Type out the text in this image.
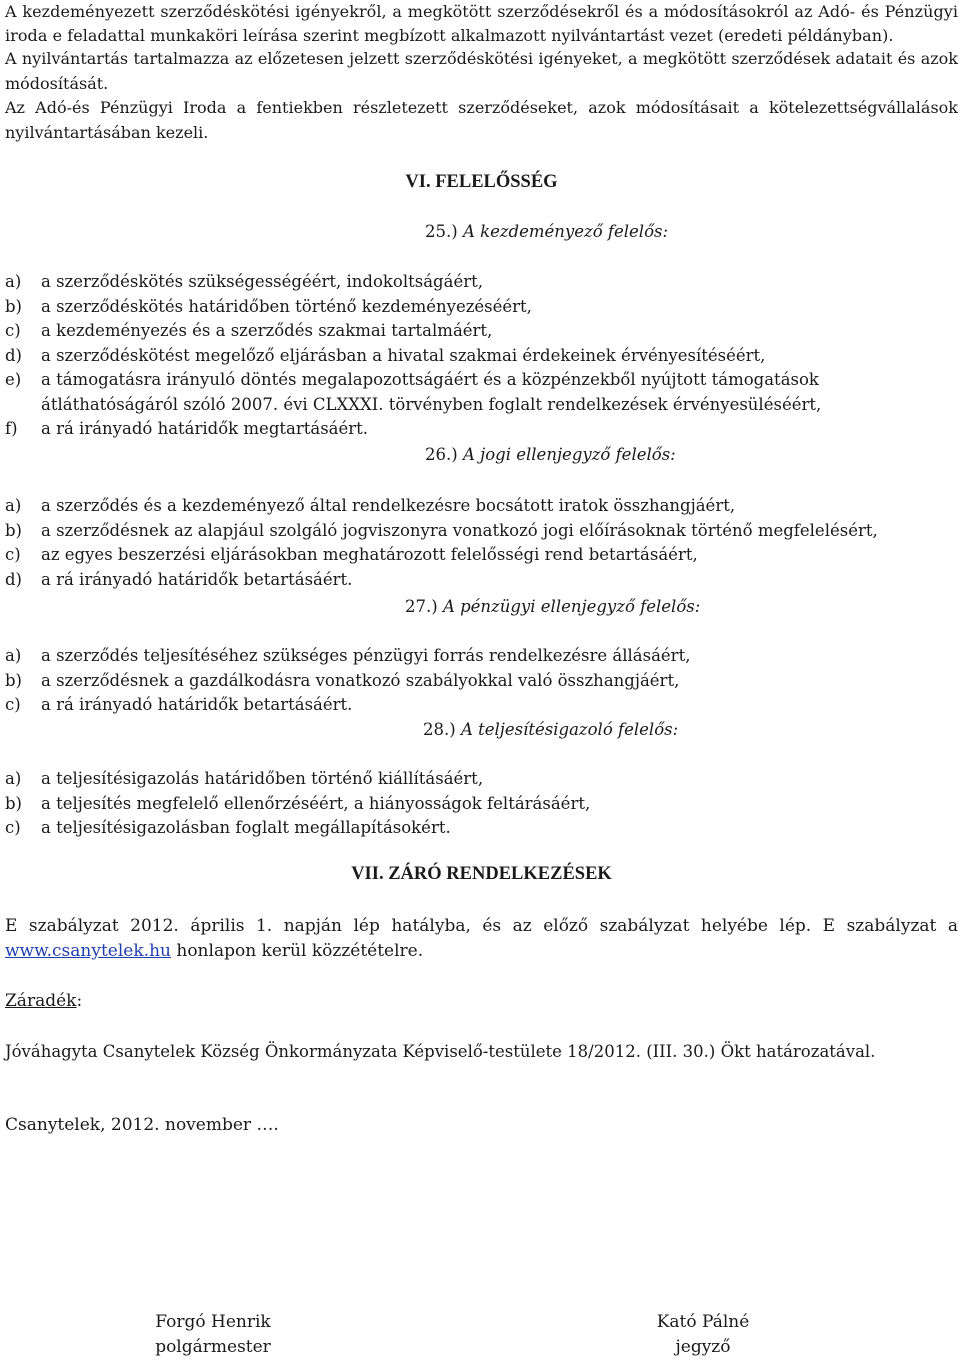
A kezdeményezett szerződéskötési igényekről, a megkötött szerződésekről és a módosításokról az Adó- és Pénzügyi iroda e feladattal munkaköri leírása szerint megbízott alkalmazott nyilvántartást vezet (eredeti példányban).

A nyilvántartás tartalmazza az előzetesen jelzett szerződéskötési igényeket, a megkötött szerződések adatait és azok módosítását.

Az Adó-és Pénzügyi Iroda a fentiekben részletezett szerződéseket, azok módosításait a kötelezettségvállalások nyilvántartásában kezeli.

VI. FELELŐSSÉG

25.) A kezdeményező felelős:

a)	a szerződéskötés szükségességéért, indokoltságáért,
b)	a szerződéskötés határidőben történő kezdeményezéséért,
c)	a kezdeményezés és a szerződés szakmai tartalmáért,
d)	a szerződéskötést megelőző eljárásban a hivatal szakmai érdekeinek érvényesítéséért,
e)	a támogatásra irányuló döntés megalapozottságáért és a közpénzekből nyújtott támogatások átláthatóságáról szóló 2007. évi CLXXXI. törvényben foglalt rendelkezések érvényesüléséért,
f)	a rá irányadó határidők megtartásáért.

26.) A jogi ellenjegyző felelős:

a)	a szerződés és a kezdeményező által rendelkezésre bocsátott iratok összhangjáért,
b)	a szerződésnek az alapjául szolgáló jogviszonyra vonatkozó jogi előírásoknak történő megfelelésért,
c)	az egyes beszerzési eljárásokban meghatározott felelősségi rend betartásáért,
d)	a rá irányadó határidők betartásáért.

27.) A pénzügyi ellenjegyző felelős:

a)	a szerződés teljesítéséhez szükséges pénzügyi forrás rendelkezésre állásáért,
b)	a szerződésnek a gazdálkodásra vonatkozó szabályokkal való összhangjáért,
c)	a rá irányadó határidők betartásáért.

28.) A teljesítésigazoló felelős:

a)	a teljesítésigazolás határidőben történő kiállításáért,
b)	a teljesítés megfelelő ellenőrzéséért, a hiányosságok feltárásáért,
c)	a teljesítésigazolásban foglalt megállapításokért.

VII. ZÁRÓ RENDELKEZÉSEK

E szabályzat 2012. április 1. napján lép hatályba, és az előző szabályzat helyébe lép. E szabályzat a www.csanytelek.hu honlapon kerül közzétételre.

Záradék:

Jóváhagyta Csanytelek Község Önkormányzata Képviselő-testülete 18/2012. (III. 30.) Ökt határozatával.

Csanytelek, 2012. november ….

Forgó Henrik
polgármester
Kató Pálné
jegyző
